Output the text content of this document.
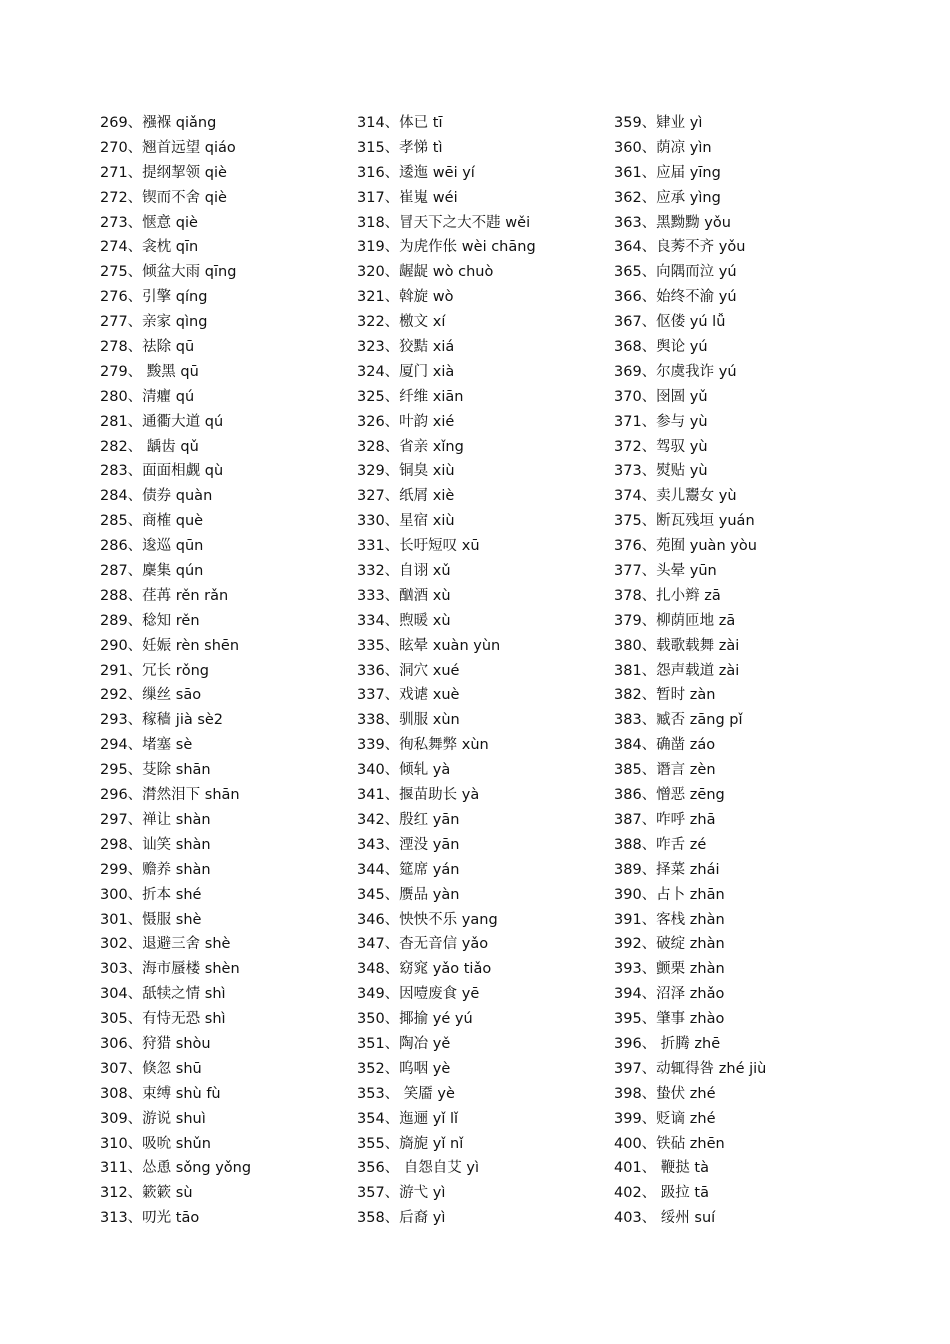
269、襁褓 qiǎng
270、翘首远望 qiáo
271、提纲挈领 qiè
272、锲而不舍 qiè
273、惬意 qiè
274、衾枕 qīn
275、倾盆大雨 qīng
276、引擎 qíng
277、亲家 qìng
278、祛除 qū
279、 黢黑 qū
280、清癯 qú
281、通衢大道 qú
282、 龋齿 qǔ
283、面面相觑 qù
284、债券 quàn
285、商榷 què
286、逡巡 qūn
287、麇集 qún
288、荏苒 rěn rǎn
289、稔知 rěn
290、妊娠 rèn shēn
291、冗长 rǒng
292、缫丝 sāo
293、稼穑 jià sè2
294、堵塞 sè
295、芟除 shān
296、潸然泪下 shān
297、禅让 shàn
298、讪笑 shàn
299、赡养 shàn
300、折本 shé
301、慑服 shè
302、退避三舍 shè
303、海市蜃楼 shèn
304、舐犊之情 shì
305、有恃无恐 shì
306、狩猎 shòu
307、倏忽 shū
308、束缚 shù fù
309、游说 shuì
310、吸吮 shǔn
311、怂恿 sǒng yǒng
312、簌簌 sù
313、叨光 tāo
314、体已 tī
315、孝悌 tì
316、逶迤 wēi yí
317、崔嵬 wéi
318、冒天下之大不韪 wěi
319、为虎作伥 wèi chāng
320、龌龊 wò chuò
321、斡旋 wò
322、檄文 xí
323、狡黠 xiá
324、厦门 xià
325、纤维 xiān
326、叶韵 xié
328、省亲 xǐng
329、铜臭 xiù
327、纸屑 xiè
330、星宿 xiù
331、长吁短叹 xū
332、自诩 xǔ
333、酗酒 xù
334、煦暖 xù
335、眩晕 xuàn yùn
336、洞穴 xué
337、戏谑 xuè
338、驯服 xùn
339、徇私舞弊 xùn
340、倾轧 yà
341、揠苗助长 yà
342、殷红 yān
343、湮没 yān
344、筵席 yán
345、赝品 yàn
346、怏怏不乐 yang
347、杳无音信 yǎo
348、窈窕 yǎo tiǎo
349、因噎废食 yē
350、揶揄 yé yú
351、陶冶 yě
352、呜咽 yè
353、 笑靥 yè
354、迤逦 yǐ lǐ
355、旖旎 yǐ nǐ
356、 自怨自艾 yì
357、游弋 yì
358、后裔 yì
359、肄业 yì
360、荫凉 yìn
361、应届 yīng
362、应承 yìng
363、黑黝黝 yǒu
364、良莠不齐 yǒu
365、向隅而泣 yú
366、始终不渝 yú
367、伛偻 yú lǚ
368、舆论 yú
369、尔虞我诈 yú
370、囹圄 yǔ
371、参与 yù
372、驾驭 yù
373、熨贴 yù
374、卖儿鬻女 yù
375、断瓦残垣 yuán
376、苑囿 yuàn yòu
377、头晕 yūn
378、扎小辫 zā
379、柳荫匝地 zā
380、载歌载舞 zài
381、怨声载道 zài
382、暂时 zàn
383、臧否 zāng pǐ
384、确凿 záo
385、谮言 zèn
386、憎恶 zēng
387、咋呼 zhā
388、咋舌 zé
389、择菜 zhái
390、占卜 zhān
391、客栈 zhàn
392、破绽 zhàn
393、颤栗 zhàn
394、沼泽 zhǎo
395、肇事 zhào
396、 折腾 zhē
397、动辄得咎 zhé jiù
398、蛰伏 zhé
399、贬谪 zhé
400、铁砧 zhēn
401、 鞭挞 tà
402、 趿拉 tā
403、 绥州 suí
